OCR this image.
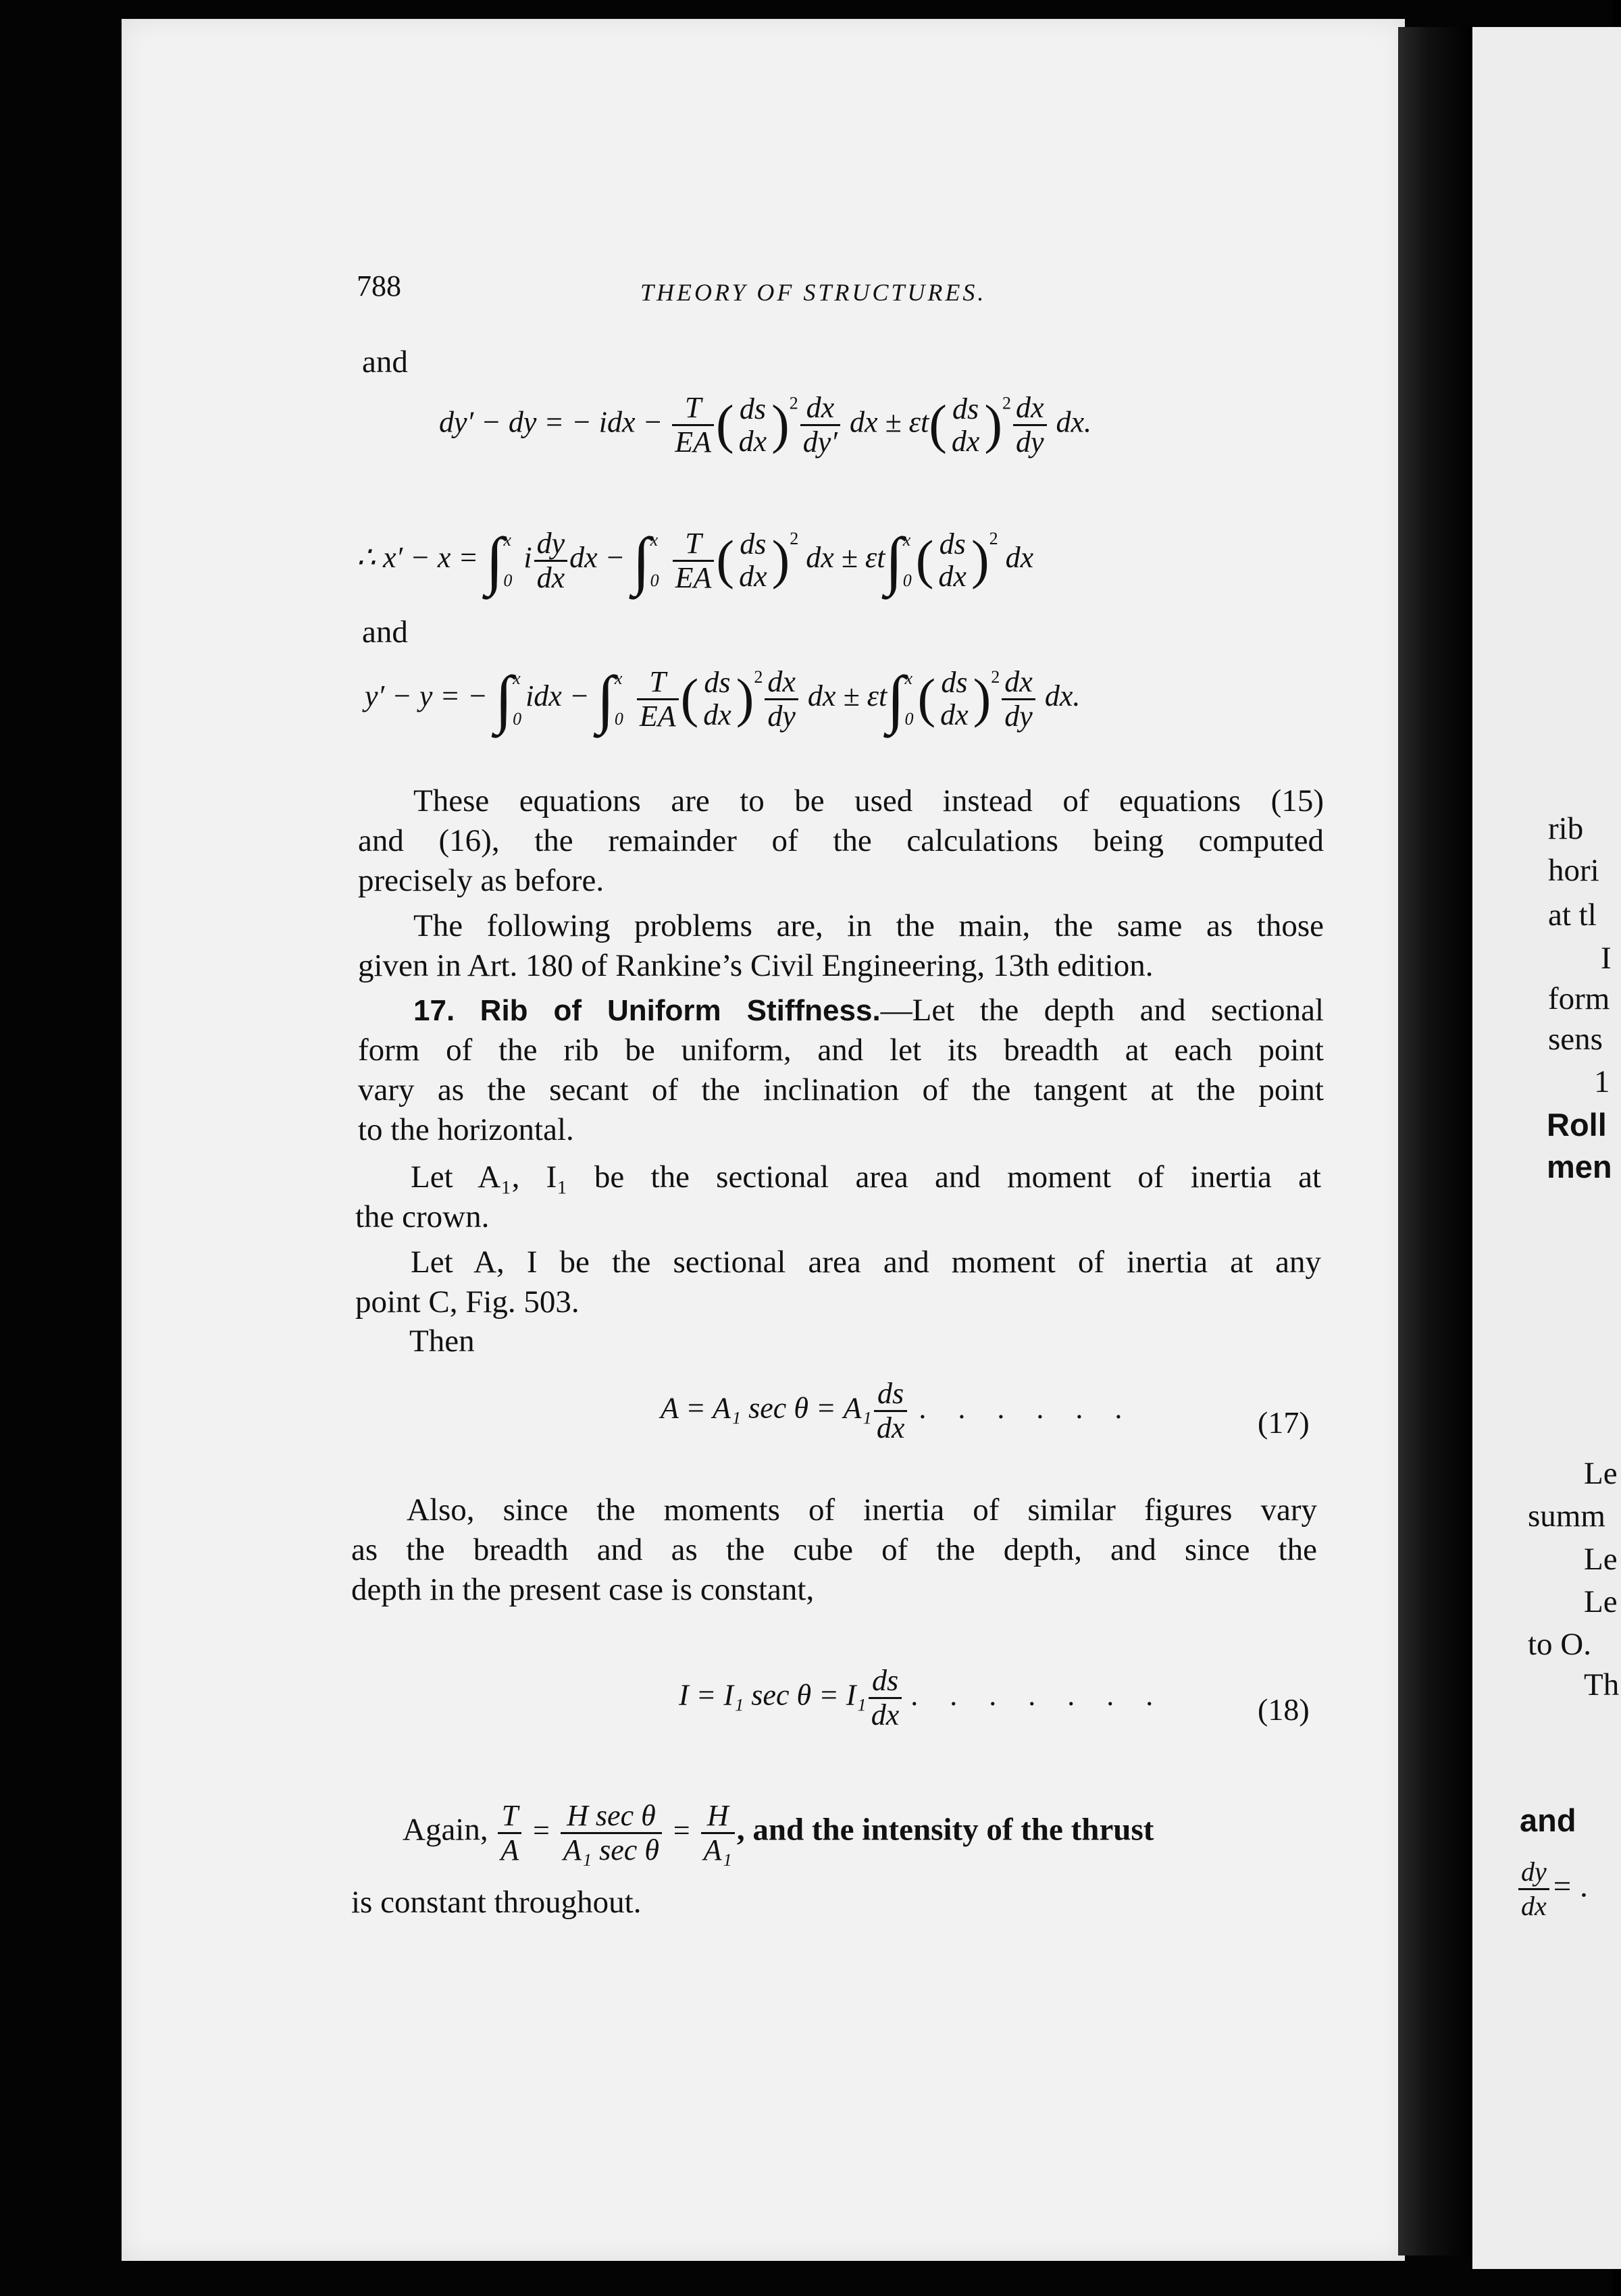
788	THEORY OF STRUCTURES.
and
dy′ − dy = − idx − $\frac{T}{EA}$ ( ds
dx )$^2 \frac{dx}{dy'}$ dx ± εt( ds
dx )$^2 \frac{dx}{dy}$ dx.
∴ x′ − x = ∫ x
0
i $\frac{dy}{dx}$ dx − ∫ x
0
$\frac{T}{EA}$ ( ds
dx )$^2$ dx ± εt∫ x
0 ( ds
dx )$^2$ dx
and
y′ − y = − ∫ x
0
idx − ∫ x
0
$\frac{T}{EA}$ ( ds
dx )$^2 \frac{dx}{dy}$ dx ± εt∫ x
0 ( ds
dx )$^2 \frac{dx}{dy}$ dx.
These equations are to be used instead of equations (15)
and (16), the remainder of the calculations being computed
precisely as before.
The following problems are, in the main, the same as those
given in Art. 180 of Rankine’s Civil Engineering, 13th edition.
17. Rib of Uniform Stiffness.—Let the depth and sectional
form of the rib be uniform, and let its breadth at each point
vary as the secant of the inclination of the tangent at the point
to the horizontal.
Let A₁, I₁ be the sectional area and moment of inertia at
the crown.
Let A, I be the sectional area and moment of inertia at any
point C, Fig. 503.
Then
A = A₁ $\sec \theta = A_1 \frac{ds}{dx}$ . . . . . .	(17)
Also, since the moments of inertia of similar figures vary
as the breadth and as the cube of the depth, and since the
depth in the present case is constant,
I = I₁ $\sec \theta = I_1 \frac{ds}{dx}$ . . . . . . .	(18)
Again, $\frac{T}{A} = \frac{\text{H sec θ}}{\text{A₁ sec θ}} = \frac{H}{\text{A₁}}$ , and the intensity of the thrust
is constant throughout.
rib
hori
at tl
I
form
sens
1
Roll
men
Le
summ
Le
Le
to O.
Th
and
$\frac{dy}{dx}$ = .
